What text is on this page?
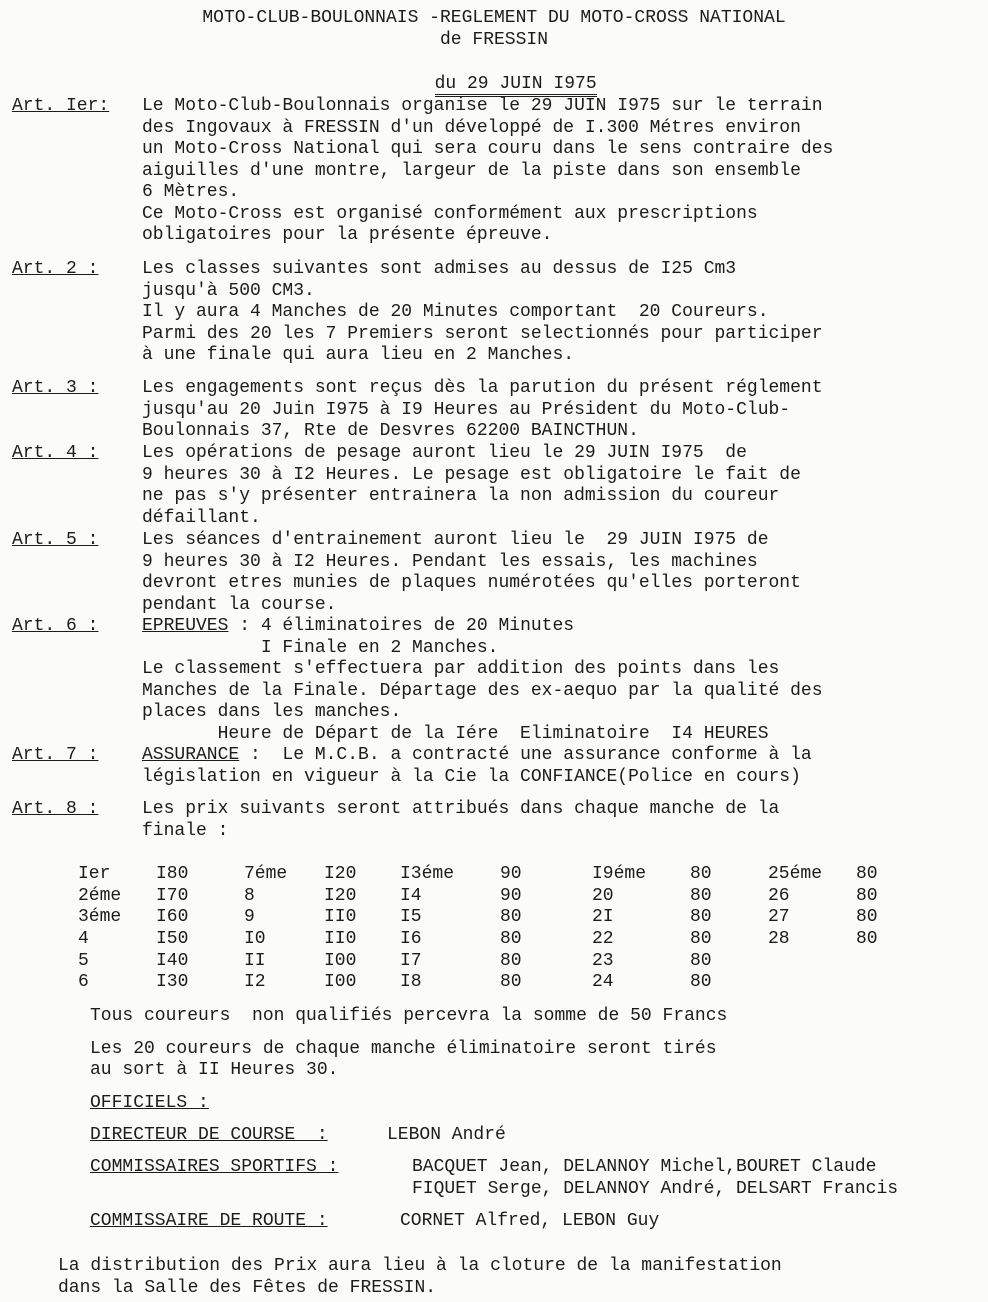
MOTO-CLUB-BOULONNAIS -REGLEMENT DU MOTO-CROSS NATIONAL
de FRESSIN

du 29 JUIN I975

Art. Ier: Le Moto-Club-Boulonnais organise le 29 JUIN I975 sur le terrain
des Ingovaux à FRESSIN d'un développé de I.300 Métres environ
un Moto-Cross National qui sera couru dans le sens contraire des
aiguilles d'une montre, largeur de la piste dans son ensemble
6 Mètres.
Ce Moto-Cross est organisé conformément aux prescriptions
obligatoires pour la présente épreuve.
Art. 2 : Les classes suivantes sont admises au dessus de I25 Cm3
jusqu'à 500 CM3.
Il y aura 4 Manches de 20 Minutes comportant  20 Coureurs.
Parmi des 20 les 7 Premiers seront selectionnés pour participer
à une finale qui aura lieu en 2 Manches.
Art. 3 : Les engagements sont reçus dès la parution du présent réglement
jusqu'au 20 Juin I975 à I9 Heures au Président du Moto-Club-
Boulonnais 37, Rte de Desvres 62200 BAINCTHUN.
Art. 4 : Les opérations de pesage auront lieu le 29 JUIN I975  de
9 heures 30 à I2 Heures. Le pesage est obligatoire le fait de
ne pas s'y présenter entrainera la non admission du coureur
défaillant.
Art. 5 : Les séances d'entrainement auront lieu le  29 JUIN I975 de
9 heures 30 à I2 Heures. Pendant les essais, les machines
devront etres munies de plaques numérotées qu'elles porteront
pendant la course.
Art. 6 : EPREUVES : 4 éliminatoires de 20 Minutes
I Finale en 2 Manches.
Le classement s'effectuera par addition des points dans les
Manches de la Finale. Départage des ex-aequo par la qualité des
places dans les manches.
Heure de Départ de la Iére  Eliminatoire  I4 HEURES
Art. 7 : ASSURANCE :  Le M.C.B. a contracté une assurance conforme à la
législation en vigueur à la Cie la CONFIANCE(Police en cours)
Art. 8 : Les prix suivants seront attribués dans chaque manche de la
finale :
Ier	I80	7éme	I20	I3éme	90	I9éme	80	25éme	80
2éme	I70	8	I20	I4	90	20	80	26	80
3éme	I60	9	II0	I5	80	2I	80	27	80
4	I50	I0	II0	I6	80	22	80	28	80
5	I40	II	I00	I7	80	23	80		
6	I30	I2	I00	I8	80	24	80		
Tous coureurs  non qualifiés percevra la somme de 50 Francs
Les 20 coureurs de chaque manche éliminatoire seront tirés
au sort à II Heures 30.
OFFICIELS :
DIRECTEUR DE COURSE  :	LEBON André
COMMISSAIRES SPORTIFS :	BACQUET Jean, DELANNOY Michel,BOURET Claude
FIQUET Serge, DELANNOY André, DELSART Francis
COMMISSAIRE DE ROUTE :	CORNET Alfred, LEBON Guy
La distribution des Prix aura lieu à la cloture de la manifestation
dans la Salle des Fêtes de FRESSIN.
